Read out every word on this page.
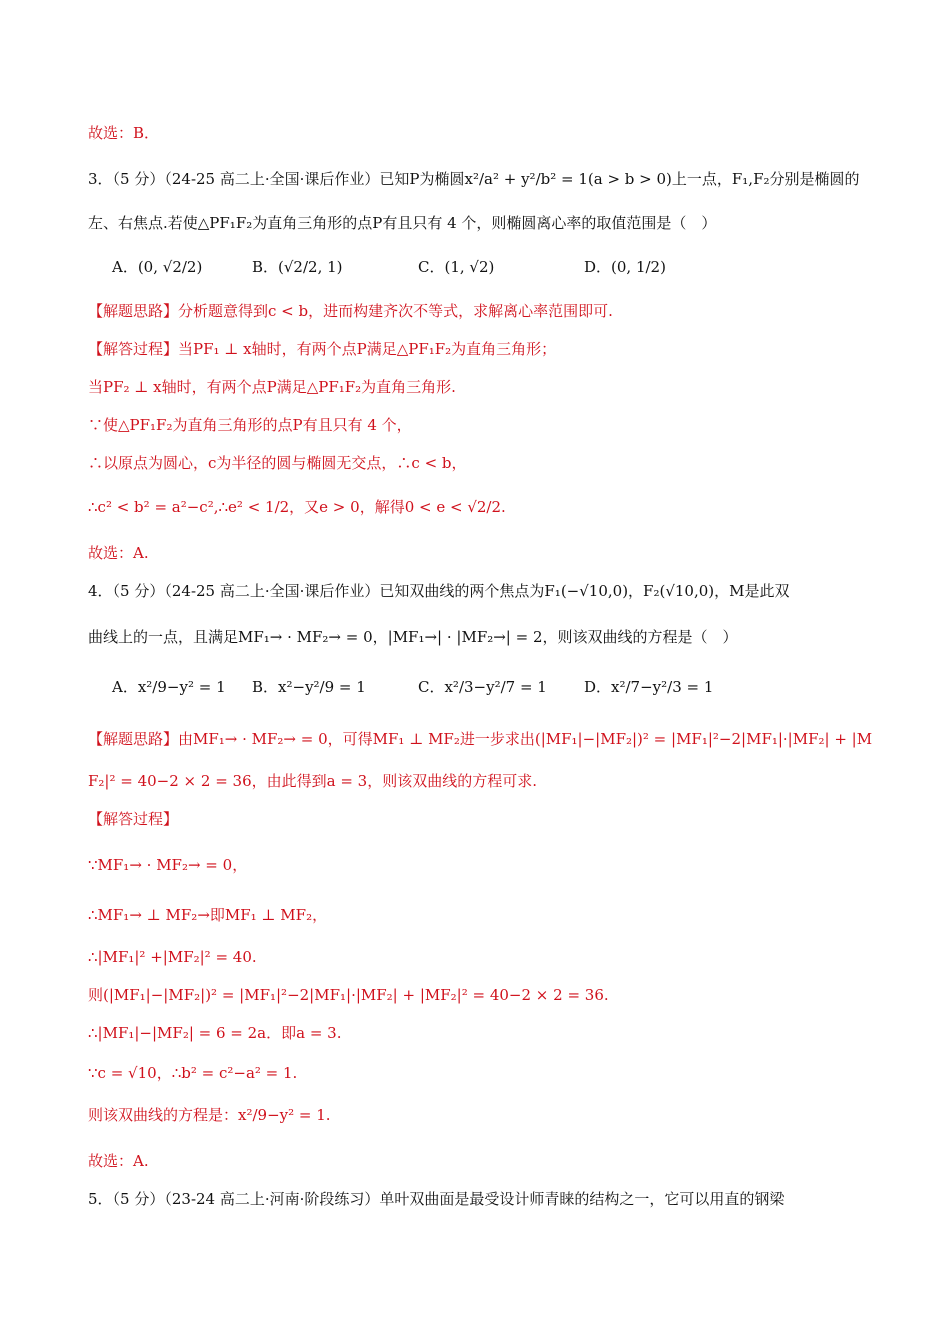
故选：B．
3．（5 分）（24-25 高二上·全国·课后作业）已知P为椭圆x²/a² + y²/b² = 1(a > b > 0)上一点，F₁,F₂分别是椭圆的
左、右焦点.若使△PF₁F₂为直角三角形的点P有且只有 4 个，则椭圆离心率的取值范围是（　）
A．(0, √2/2)	B．(√2/2, 1)	C．(1, √2)	D．(0, 1/2)
【解题思路】分析题意得到c < b，进而构建齐次不等式，求解离心率范围即可.
【解答过程】当PF₁ ⊥ x轴时，有两个点P满足△PF₁F₂为直角三角形；
当PF₂ ⊥ x轴时，有两个点P满足△PF₁F₂为直角三角形.
∵使△PF₁F₂为直角三角形的点P有且只有 4 个，
∴以原点为圆心，c为半径的圆与椭圆无交点，∴c < b，
∴c² < b² = a²−c²,∴e² < 1/2，又e > 0，解得0 < e < √2/2.
故选：A.
4．（5 分）（24-25 高二上·全国·课后作业）已知双曲线的两个焦点为F₁(−√10,0)，F₂(√10,0)，M是此双
曲线上的一点，且满足MF₁→ · MF₂→ = 0，|MF₁→| · |MF₂→| = 2，则该双曲线的方程是（　）
A．x²/9−y² = 1 B．x²−y²/9 = 1	C．x²/3−y²/7 = 1 D．x²/7−y²/3 = 1
【解题思路】由MF₁→ · MF₂→ = 0，可得MF₁ ⊥ MF₂进一步求出(|MF₁|−|MF₂|)² = |MF₁|²−2|MF₁|·|MF₂| + |M
F₂|² = 40−2 × 2 = 36，由此得到a = 3，则该双曲线的方程可求.
【解答过程】
∵MF₁→ · MF₂→ = 0，
∴MF₁→ ⊥ MF₂→即MF₁ ⊥ MF₂，
∴|MF₁|² +|MF₂|² = 40.
则(|MF₁|−|MF₂|)² = |MF₁|²−2|MF₁|·|MF₂| + |MF₂|² = 40−2 × 2 = 36.
∴|MF₁|−|MF₂| = 6 = 2a．即a = 3.
∵c = √10，∴b² = c²−a² = 1.
则该双曲线的方程是：x²/9−y² = 1.
故选：A.
5．（5 分）（23-24 高二上·河南·阶段练习）单叶双曲面是最受设计师青睐的结构之一，它可以用直的钢梁
